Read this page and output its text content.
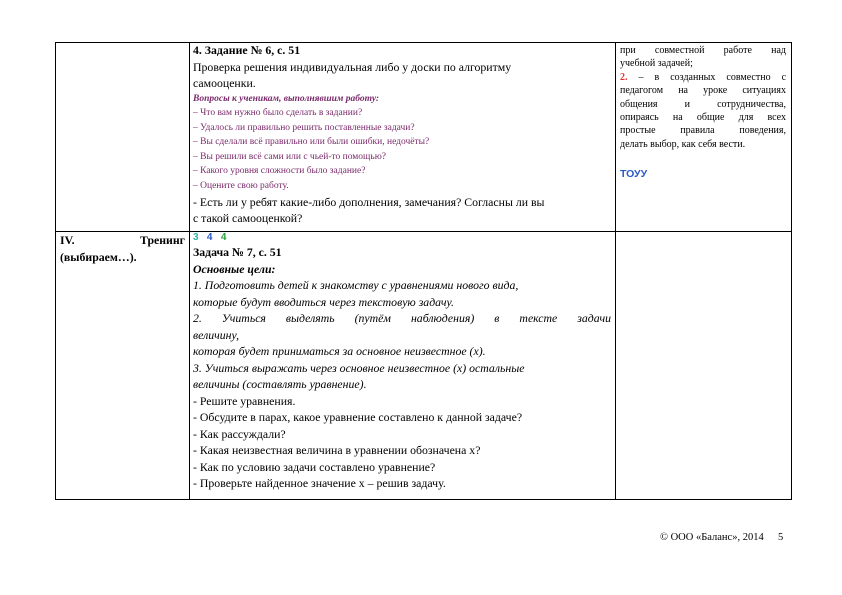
4. Задание № 6, с. 51
Проверка решения индивидуальная либо у доски по алгоритму
самооценки.
Вопросы к ученикам, выполнявшим работу:
– Что вам нужно было сделать в задании?
– Удалось ли правильно решить поставленные задачи?
– Вы сделали всё правильно или были ошибки, недочёты?
– Вы решили всё сами или с чьей-то помощью?
– Какого уровня сложности было задание?
– Оцените свою работу.
- Есть ли у ребят какие-либо дополнения, замечания? Согласны ли вы
с такой самооценкой?
при совместной работе над
учебной задачей;
2. – в созданных совместно с
педагогом на уроке ситуациях
общения и сотрудничества,
опираясь на общие для всех
простые правила поведения,
делать выбор, как себя вести.
ТОУУ
IV.	Тренинг
(выбираем…).
3 4 4
Задача № 7, с. 51
Основные цели:
1. Подготовить детей к знакомству с уравнениями нового вида,
которые будут вводиться через текстовую задачу.
2. Учиться выделять (путём наблюдения) в тексте задачи
величину,
которая будет приниматься за основное неизвестное (x).
3. Учиться выражать через основное неизвестное (x) остальные
величины (составлять уравнение).
- Решите уравнения.
- Обсудите в парах, какое уравнение составлено к данной задаче?
- Как рассуждали?
- Какая неизвестная величина в уравнении обозначена x?
- Как по условию задачи составлено уравнение?
- Проверьте найденное значение x – решив задачу.
© ООО «Баланс», 2014 5
